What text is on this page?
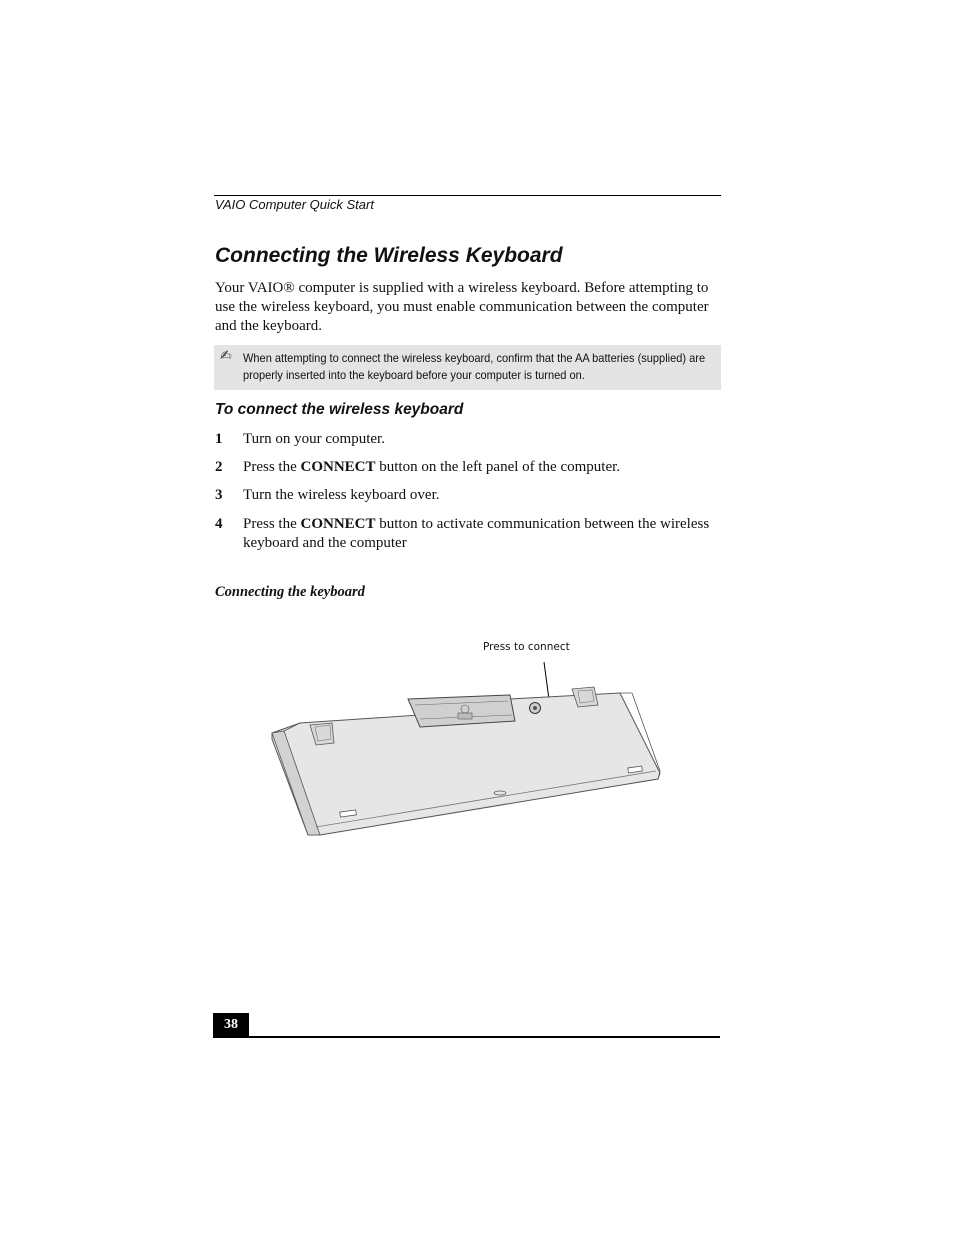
VAIO Computer Quick Start
Connecting the Wireless Keyboard

Your VAIO® computer is supplied with a wireless keyboard. Before attempting to use the wireless keyboard, you must enable communication between the computer and the keyboard.

✍ When attempting to connect the wireless keyboard, confirm that the AA batteries (supplied) are properly inserted into the keyboard before your computer is turned on.
To connect the wireless keyboard
1 Turn on your computer.
2 Press the CONNECT button on the left panel of the computer.
3 Turn the wireless keyboard over.
4 Press the CONNECT button to activate communication between the wireless keyboard and the computer
Connecting the keyboard
Press to connect
38
